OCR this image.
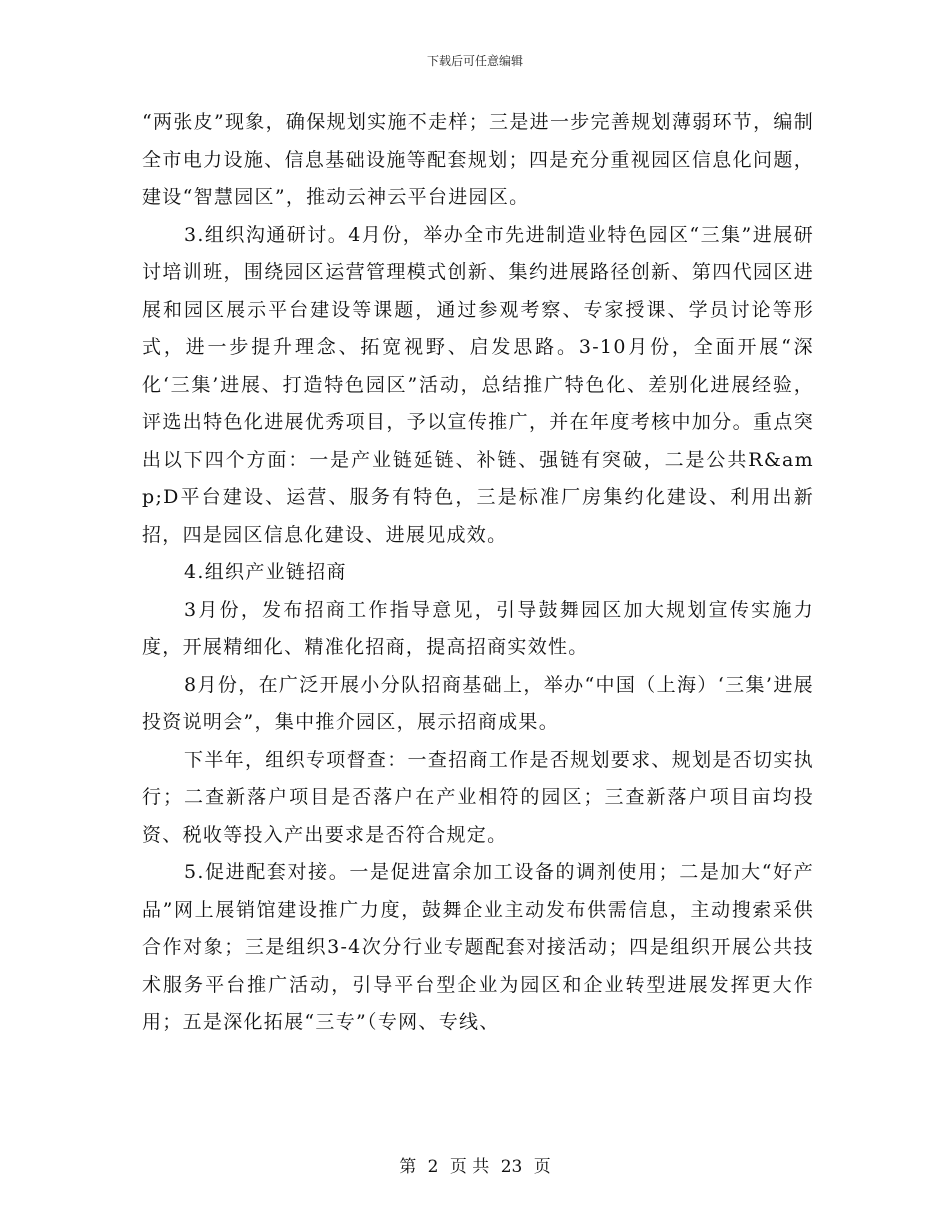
下载后可任意编辑

“两张皮”现象，确保规划实施不走样；三是进一步完善规划薄弱环节，编制全市电力设施、信息基础设施等配套规划；四是充分重视园区信息化问题，建设“智慧园区”，推动云神云平台进园区。

3.组织沟通研讨。4月份，举办全市先进制造业特色园区“三集”进展研讨培训班，围绕园区运营管理模式创新、集约进展路径创新、第四代园区进展和园区展示平台建设等课题，通过参观考察、专家授课、学员讨论等形式，进一步提升理念、拓宽视野、启发思路。3-10月份，全面开展“深化‘三集’进展、打造特色园区”活动，总结推广特色化、差别化进展经验，评选出特色化进展优秀项目，予以宣传推广，并在年度考核中加分。重点突出以下四个方面：一是产业链延链、补链、强链有突破，二是公共R&amp;D平台建设、运营、服务有特色，三是标准厂房集约化建设、利用出新招，四是园区信息化建设、进展见成效。

4.组织产业链招商

3月份，发布招商工作指导意见，引导鼓舞园区加大规划宣传实施力度，开展精细化、精准化招商，提高招商实效性。

8月份，在广泛开展小分队招商基础上，举办“中国（上海）‘三集’进展投资说明会”，集中推介园区，展示招商成果。

下半年，组织专项督查：一查招商工作是否规划要求、规划是否切实执行；二查新落户项目是否落户在产业相符的园区；三查新落户项目亩均投资、税收等投入产出要求是否符合规定。

5.促进配套对接。一是促进富余加工设备的调剂使用；二是加大“好产品”网上展销馆建设推广力度，鼓舞企业主动发布供需信息，主动搜索采供合作对象；三是组织3-4次分行业专题配套对接活动；四是组织开展公共技术服务平台推广活动，引导平台型企业为园区和企业转型进展发挥更大作用；五是深化拓展“三专”（专网、专线、

第 2 页 共 23 页
